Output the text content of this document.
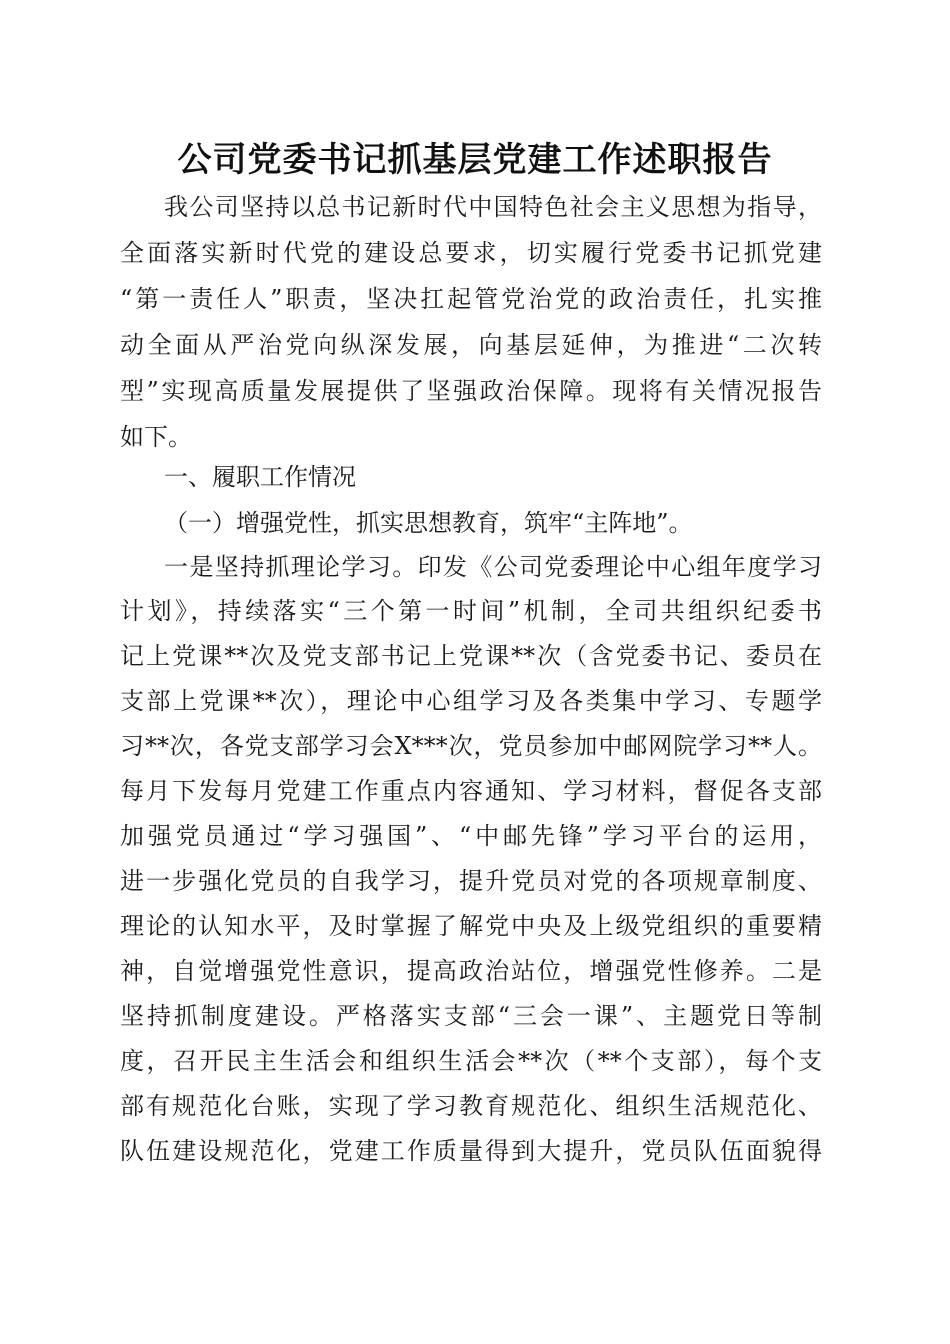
公司党委书记抓基层党建工作述职报告
我公司坚持以总书记新时代中国特色社会主义思想为指导，
全面落实新时代党的建设总要求，切实履行党委书记抓党建
“第一责任人”职责，坚决扛起管党治党的政治责任，扎实推
动全面从严治党向纵深发展，向基层延伸，为推进“二次转
型”实现高质量发展提供了坚强政治保障。现将有关情况报告
如下。
一、履职工作情况
（一）增强党性，抓实思想教育，筑牢“主阵地”。
一是坚持抓理论学习。印发《公司党委理论中心组年度学习
计划》，持续落实“三个第一时间”机制，全司共组织纪委书
记上党课**次及党支部书记上党课**次（含党委书记、委员在
支部上党课**次），理论中心组学习及各类集中学习、专题学
习**次，各党支部学习会X***次，党员参加中邮网院学习**人。
每月下发每月党建工作重点内容通知、学习材料，督促各支部
加强党员通过“学习强国”、“中邮先锋”学习平台的运用，
进一步强化党员的自我学习，提升党员对党的各项规章制度、
理论的认知水平，及时掌握了解党中央及上级党组织的重要精
神，自觉增强党性意识，提高政治站位，增强党性修养。二是
坚持抓制度建设。严格落实支部“三会一课”、主题党日等制
度，召开民主生活会和组织生活会**次（**个支部），每个支
部有规范化台账，实现了学习教育规范化、组织生活规范化、
队伍建设规范化，党建工作质量得到大提升，党员队伍面貌得
